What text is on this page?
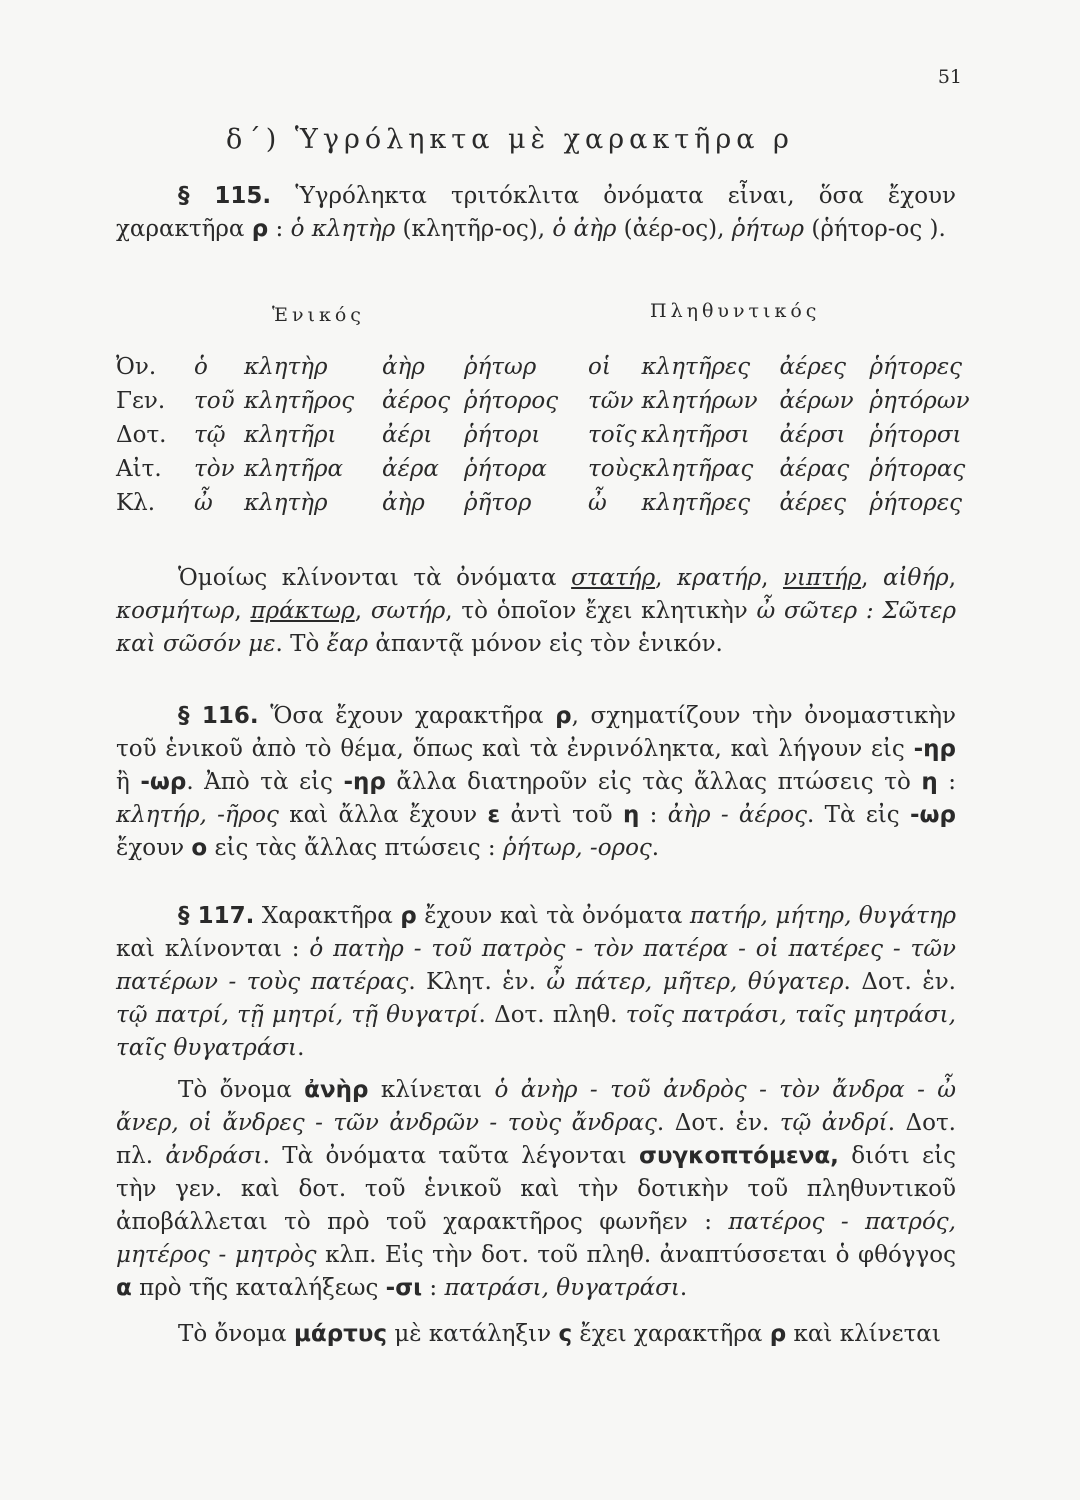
51
δ΄) Ὑγρόληκτα μὲ χαρακτῆρα ρ

§ 115. Ὑγρόληκτα τριτόκλιτα ὀνόματα εἶναι, ὅσα ἔχουν χαρακτῆρα ρ : ὁ κλητὴρ (κλητῆρ-ος), ὁ ἀὴρ (ἀέρ-ος), ῥήτωρ (ῥήτορ-ος ).

Ἑνικός	Πληθυντικός
Ὀν.	ὁ	κλητὴρ	ἀὴρ	ῥήτωρ	οἱ	κλητῆρες	ἀέρες	ῥήτορες
Γεν.	τοῦ	κλητῆρος	ἀέρος	ῥήτορος	τῶν	κλητήρων	ἀέρων	ῥητόρων
Δοτ.	τῷ	κλητῆρι	ἀέρι	ῥήτορι	τοῖς	κλητῆρσι	ἀέρσι	ῥήτορσι
Αἰτ.	τὸν	κλητῆρα	ἀέρα	ῥήτορα	τοὺς	κλητῆρας	ἀέρας	ῥήτορας
Κλ.	ὦ	κλητὴρ	ἀὴρ	ῥῆτορ	ὦ	κλητῆρες	ἀέρες	ῥήτορες

Ὁμοίως κλίνονται τὰ ὀνόματα στατήρ, κρατήρ, νιπτήρ, αἰθήρ, κοσμήτωρ, πράκτωρ, σωτήρ, τὸ ὁποῖον ἔχει κλητικὴν ὦ σῶτερ : Σῶτερ καὶ σῶσόν με. Τὸ ἔαρ ἀπαντᾷ μόνον εἰς τὸν ἑνικόν.

§ 116. Ὅσα ἔχουν χαρακτῆρα ρ, σχηματίζουν τὴν ὀνομαστικὴν τοῦ ἑνικοῦ ἀπὸ τὸ θέμα, ὅπως καὶ τὰ ἐνρινόληκτα, καὶ λήγουν εἰς -ηρ ἢ -ωρ. Ἀπὸ τὰ εἰς -ηρ ἄλλα διατηροῦν εἰς τὰς ἄλλας πτώσεις τὸ η : κλητήρ, -ῆρος καὶ ἄλλα ἔχουν ε ἀντὶ τοῦ η : ἀὴρ - ἀέρος. Τὰ εἰς -ωρ ἔχουν ο εἰς τὰς ἄλλας πτώσεις : ῥήτωρ, -ορος.

§ 117. Χαρακτῆρα ρ ἔχουν καὶ τὰ ὀνόματα πατήρ, μήτηρ, θυγάτηρ καὶ κλίνονται : ὁ πατὴρ - τοῦ πατρὸς - τὸν πατέρα - οἱ πατέρες - τῶν πατέρων - τοὺς πατέρας. Κλητ. ἑν. ὦ πάτερ, μῆτερ, θύγατερ. Δοτ. ἑν. τῷ πατρί, τῇ μητρί, τῇ θυγατρί. Δοτ. πληθ. τοῖς πατράσι, ταῖς μητράσι, ταῖς θυγατράσι.

Τὸ ὄνομα ἀνὴρ κλίνεται ὁ ἀνὴρ - τοῦ ἀνδρὸς - τὸν ἄνδρα - ὦ ἄνερ, οἱ ἄνδρες - τῶν ἀνδρῶν - τοὺς ἄνδρας. Δοτ. ἑν. τῷ ἀνδρί. Δοτ. πλ. ἀνδράσι. Τὰ ὀνόματα ταῦτα λέγονται συγκοπτόμενα, διότι εἰς τὴν γεν. καὶ δοτ. τοῦ ἑνικοῦ καὶ τὴν δοτικὴν τοῦ πληθυντικοῦ ἀποβάλλεται τὸ πρὸ τοῦ χαρακτῆρος φωνῆεν : πατέρος - πατρός, μητέρος - μητρὸς κλπ. Εἰς τὴν δοτ. τοῦ πληθ. ἀναπτύσσεται ὁ φθόγγος α πρὸ τῆς καταλήξεως -σι : πατράσι, θυγατράσι.

Τὸ ὄνομα μάρτυς μὲ κατάληξιν ς ἔχει χαρακτῆρα ρ καὶ κλίνεται
